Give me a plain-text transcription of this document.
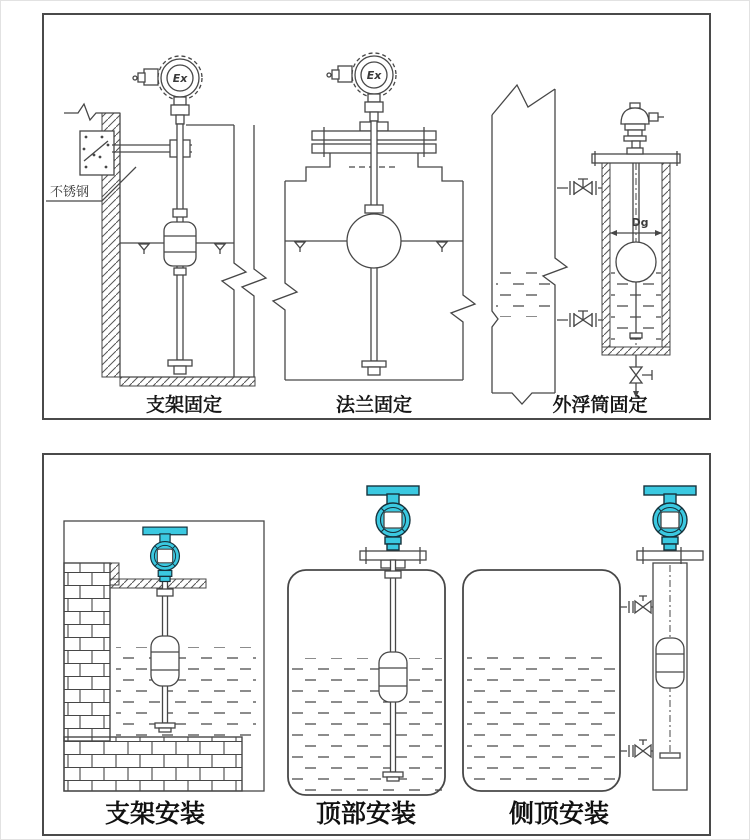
不锈钢
Ex
支架固定
Ex
法兰固定
Dg
外浮筒固定
支架安装	顶部安装	侧顶安装
